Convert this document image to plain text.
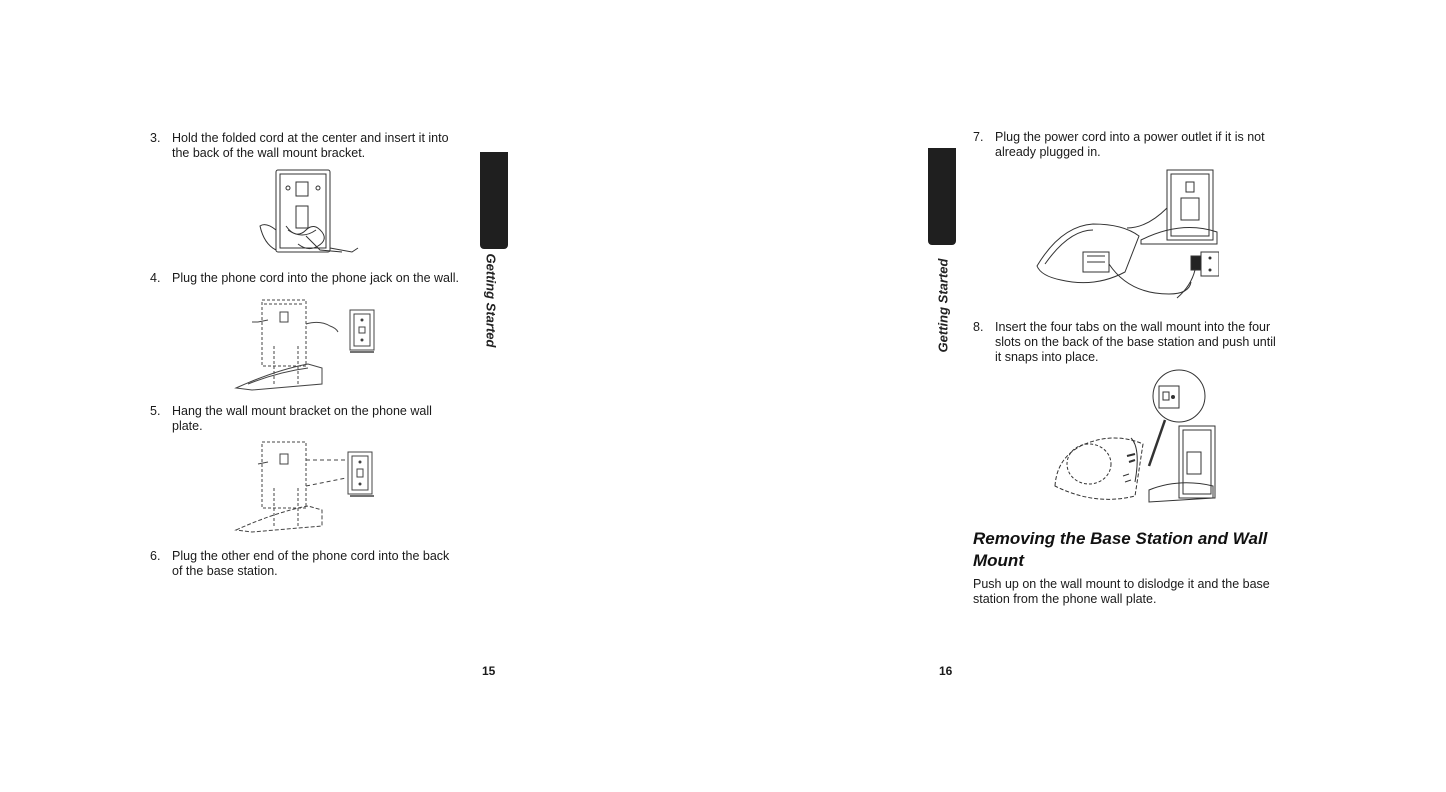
3. Hold the folded cord at the center and insert it into
the back of the wall mount bracket.
4. Plug the phone cord into the phone jack on the wall.
5. Hang the wall mount bracket on the phone wall
plate.
6. Plug the other end of the phone cord into the back
of the base station.
Getting Started
15
Getting Started
7. Plug the power cord into a power outlet if it is not
already plugged in.
8. Insert the four tabs on the wall mount into the four
slots on the back of the base station and push until
it snaps into place.
Removing the Base Station and Wall
Mount
Push up on the wall mount to dislodge it and the base
station from the phone wall plate.
16
